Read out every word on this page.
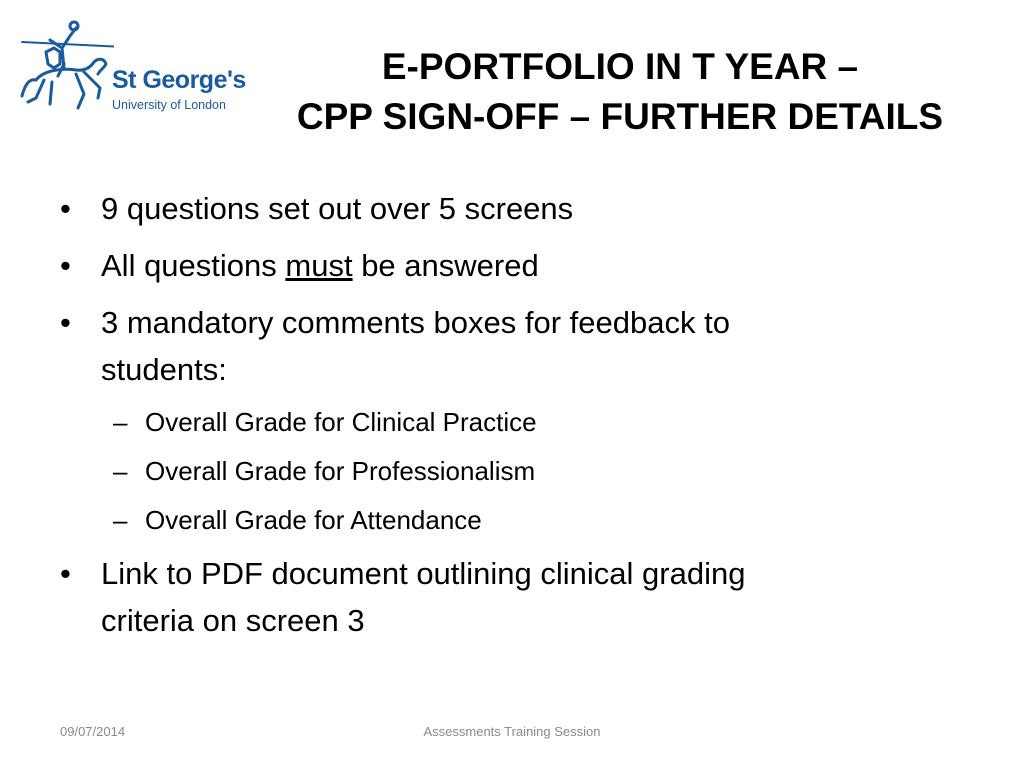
St George's
University of London
E-PORTFOLIO IN T YEAR –
CPP SIGN-OFF – FURTHER DETAILS
• 9 questions set out over 5 screens
• All questions must be answered
• 3 mandatory comments boxes for feedback to
students:
– Overall Grade for Clinical Practice
– Overall Grade for Professionalism
– Overall Grade for Attendance
• Link to PDF document outlining clinical grading
criteria on screen 3
09/07/2014	Assessments Training Session
